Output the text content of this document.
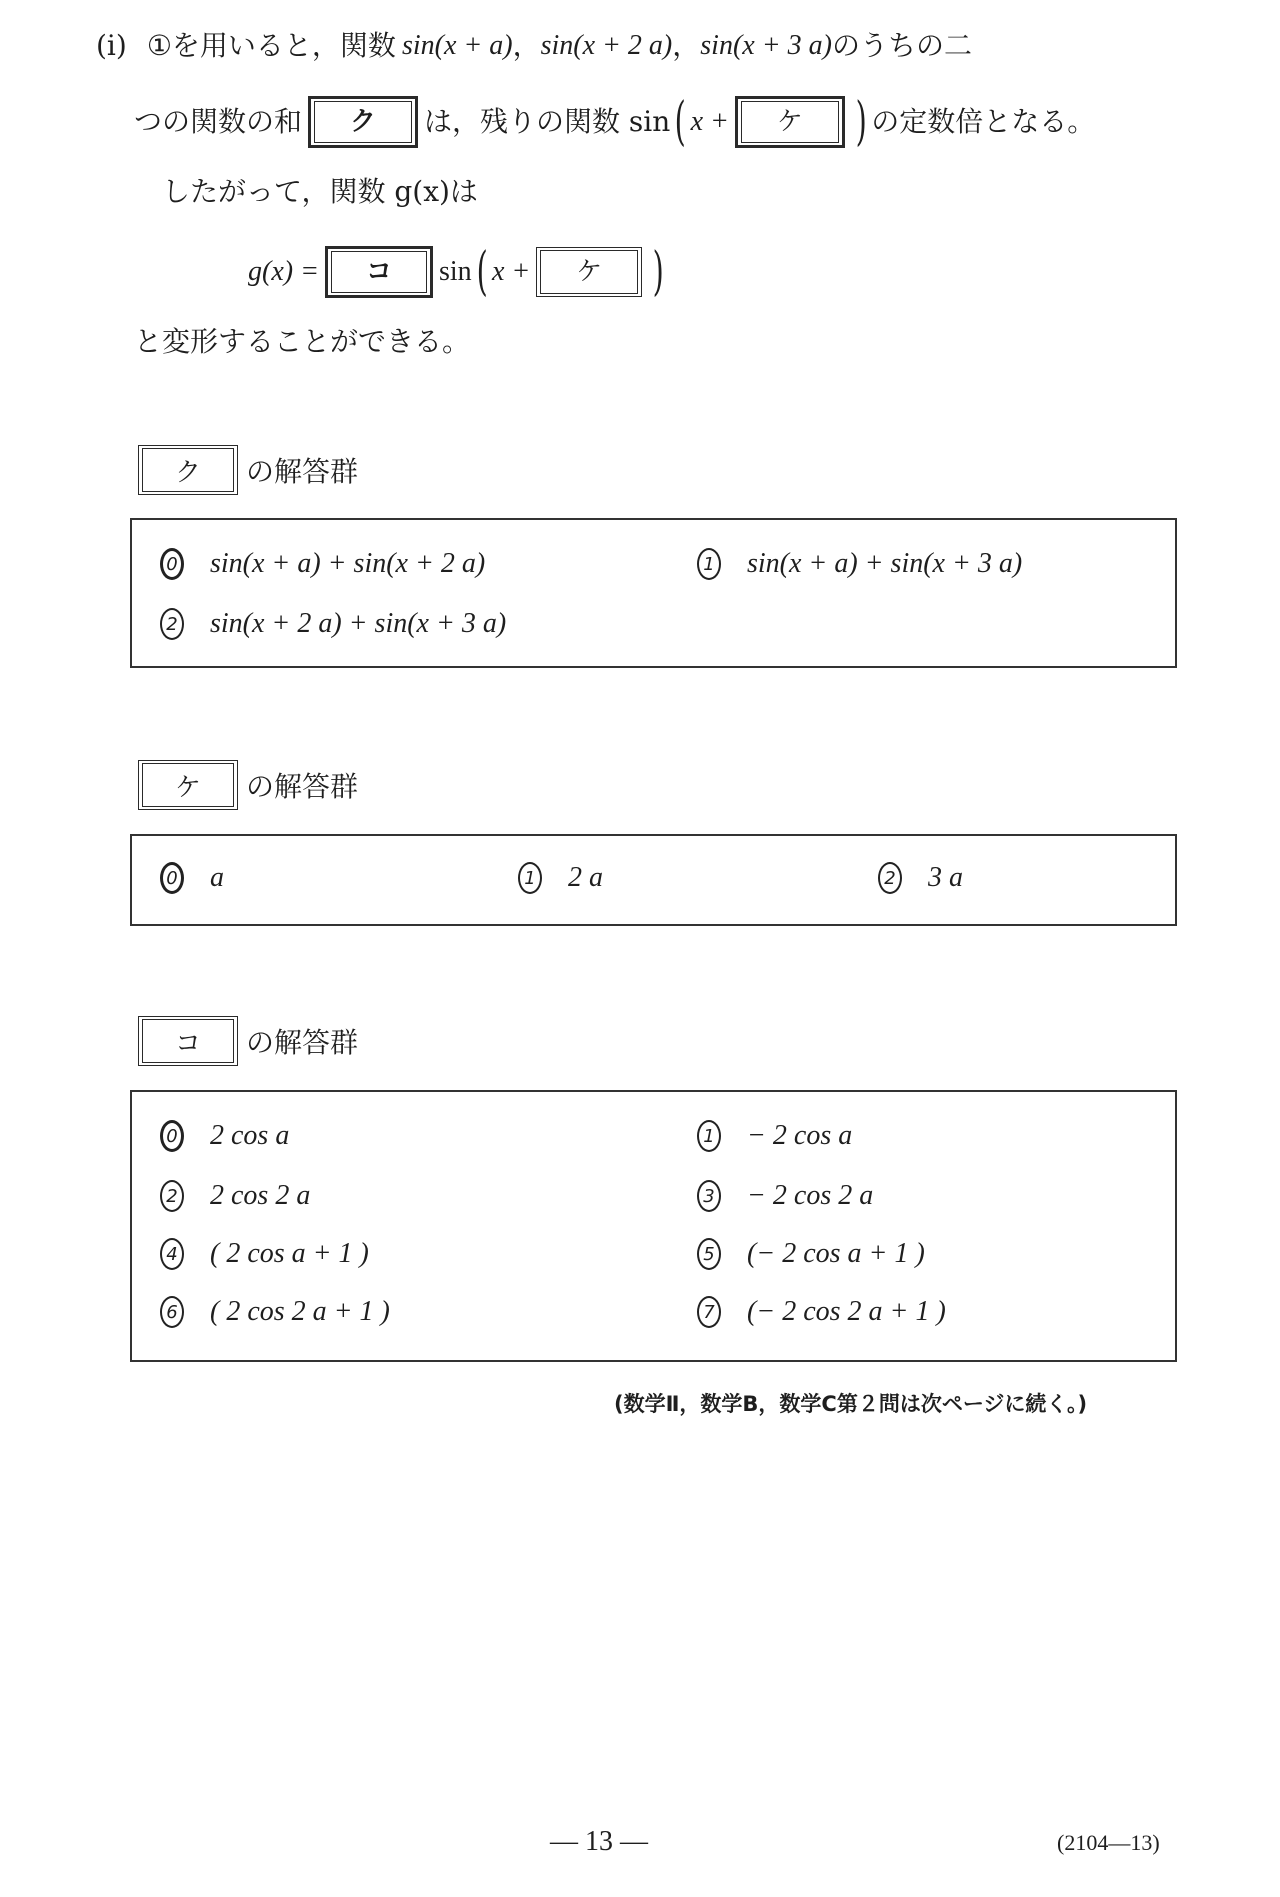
(i) ① を用いると，関数 sin(x + a) ， sin(x + 2 a) ， sin(x + 3 a) のうちの二
つの関数の和	ク	は，残りの関数 sin ( x +	ケ	) の定数倍となる。
したがって，関数 g(x)は
g(x) =	コ	sin ( x +	ケ )
と変形することができる。
ク	の解答群
0 sin(x + a) + sin(x + 2 a)	1 sin(x + a) + sin(x + 3 a)
2 sin(x + 2 a) + sin(x + 3 a)
ケ	の解答群
0 a	1 2 a	2 3 a
コ	の解答群
0 2 cos a	1 − 2 cos a
2 2 cos 2 a	3 − 2 cos 2 a
4 ( 2 cos a + 1 )	5 (− 2 cos a + 1 )
6 ( 2 cos 2 a + 1 )	7 (− 2 cos 2 a + 1 )
(数学Ⅱ，数学B，数学C第２問は次ページに続く。)
— 13 —	(2104—13)
